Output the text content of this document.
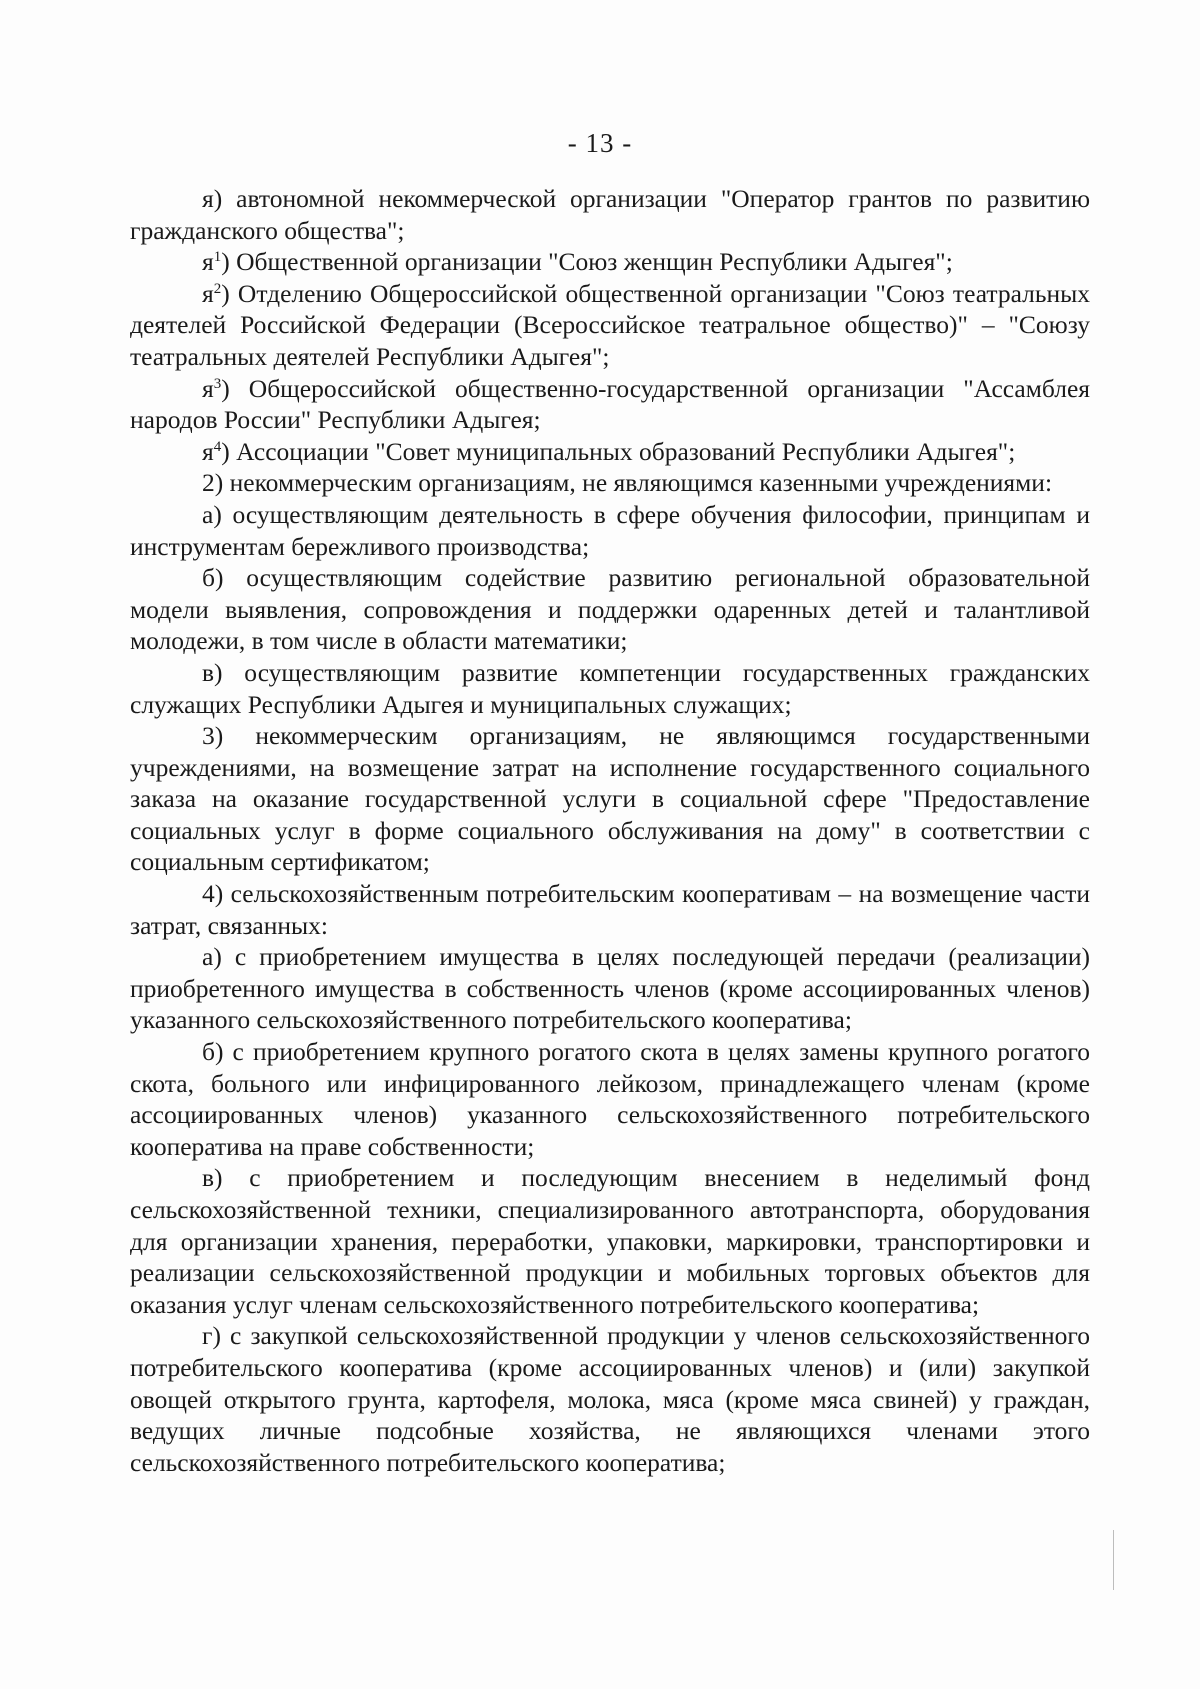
- 13 -

я) автономной некоммерческой организации "Оператор грантов по развитию гражданского общества";

$я^1$) Общественной организации "Союз женщин Республики Адыгея";

$я^2$) Отделению Общероссийской общественной организации "Союз театральных деятелей Российской Федерации (Всероссийское театральное общество)" – "Союзу театральных деятелей Республики Адыгея";

$я^3$) Общероссийской общественно-государственной организации "Ассамблея народов России" Республики Адыгея;

$я^4$) Ассоциации "Совет муниципальных образований Республики Адыгея";

2) некоммерческим организациям, не являющимся казенными учреждениями:

а) осуществляющим деятельность в сфере обучения философии, принципам и инструментам бережливого производства;

б) осуществляющим содействие развитию региональной образовательной модели выявления, сопровождения и поддержки одаренных детей и талантливой молодежи, в том числе в области математики;

в) осуществляющим развитие компетенции государственных гражданских служащих Республики Адыгея и муниципальных служащих;

3) некоммерческим организациям, не являющимся государственными учреждениями, на возмещение затрат на исполнение государственного социального заказа на оказание государственной услуги в социальной сфере "Предоставление социальных услуг в форме социального обслуживания на дому" в соответствии с социальным сертификатом;

4) сельскохозяйственным потребительским кооперативам – на возмещение части затрат, связанных:

а) с приобретением имущества в целях последующей передачи (реализации) приобретенного имущества в собственность членов (кроме ассоциированных членов) указанного сельскохозяйственного потребительского кооператива;

б) с приобретением крупного рогатого скота в целях замены крупного рогатого скота, больного или инфицированного лейкозом, принадлежащего членам (кроме ассоциированных членов) указанного сельскохозяйственного потребительского кооператива на праве собственности;

в) с приобретением и последующим внесением в неделимый фонд сельскохозяйственной техники, специализированного автотранспорта, оборудования для организации хранения, переработки, упаковки, маркировки, транспортировки и реализации сельскохозяйственной продукции и мобильных торговых объектов для оказания услуг членам сельскохозяйственного потребительского кооператива;

г) с закупкой сельскохозяйственной продукции у членов сельскохозяйственного потребительского кооператива (кроме ассоциированных членов) и (или) закупкой овощей открытого грунта, картофеля, молока, мяса (кроме мяса свиней) у граждан, ведущих личные подсобные хозяйства, не являющихся членами этого сельскохозяйственного потребительского кооператива;
